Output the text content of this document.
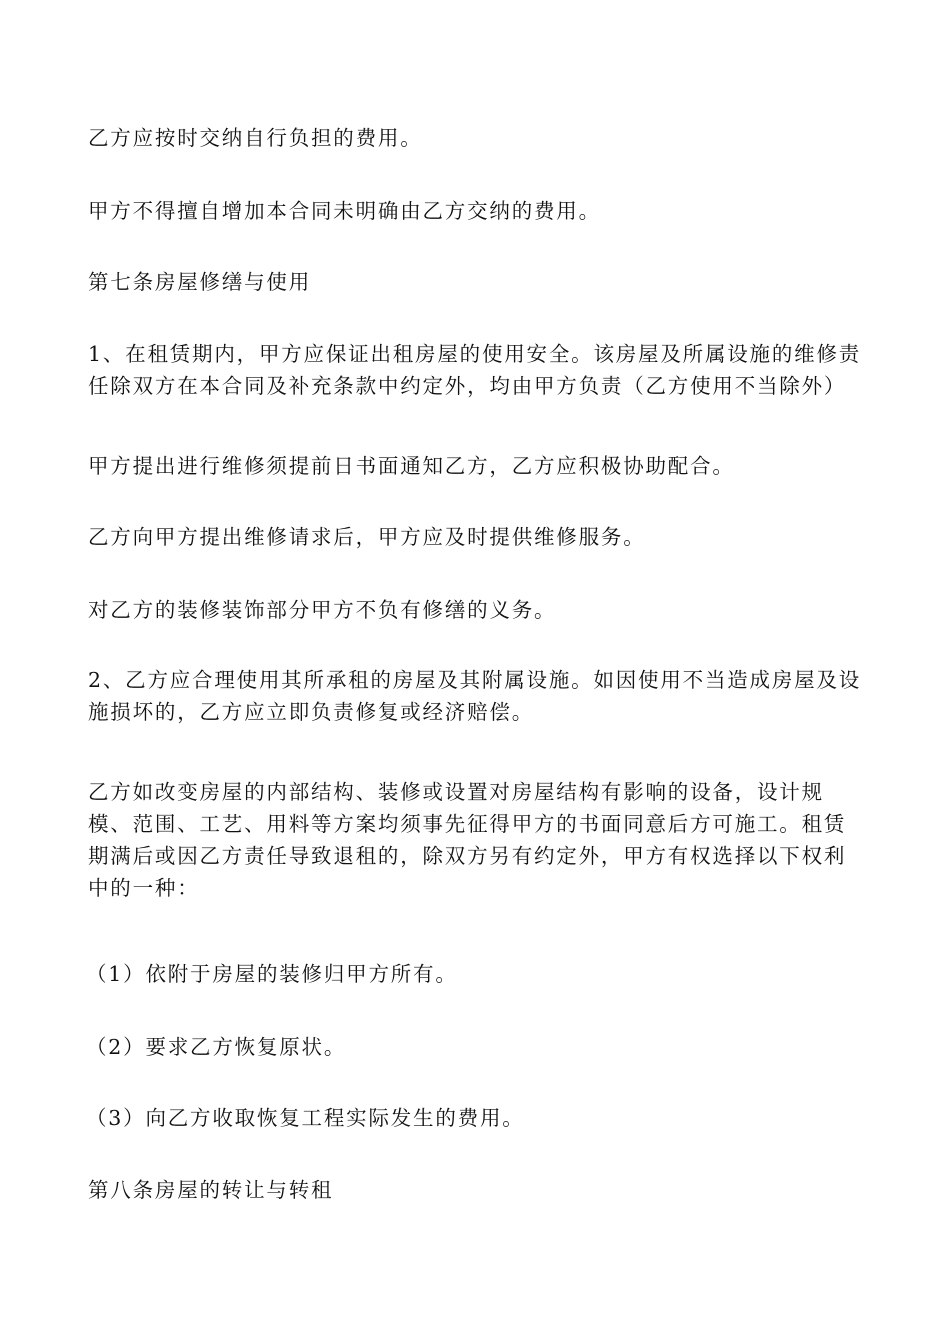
乙方应按时交纳自行负担的费用。

甲方不得擅自增加本合同未明确由乙方交纳的费用。

第七条房屋修缮与使用

1、在租赁期内，甲方应保证出租房屋的使用安全。该房屋及所属设施的维修责任除双方在本合同及补充条款中约定外，均由甲方负责（乙方使用不当除外）

甲方提出进行维修须提前日书面通知乙方，乙方应积极协助配合。

乙方向甲方提出维修请求后，甲方应及时提供维修服务。

对乙方的装修装饰部分甲方不负有修缮的义务。

2、乙方应合理使用其所承租的房屋及其附属设施。如因使用不当造成房屋及设施损坏的，乙方应立即负责修复或经济赔偿。

乙方如改变房屋的内部结构、装修或设置对房屋结构有影响的设备，设计规模、范围、工艺、用料等方案均须事先征得甲方的书面同意后方可施工。租赁期满后或因乙方责任导致退租的，除双方另有约定外，甲方有权选择以下权利中的一种：

（1）依附于房屋的装修归甲方所有。

（2）要求乙方恢复原状。

（3）向乙方收取恢复工程实际发生的费用。

第八条房屋的转让与转租
